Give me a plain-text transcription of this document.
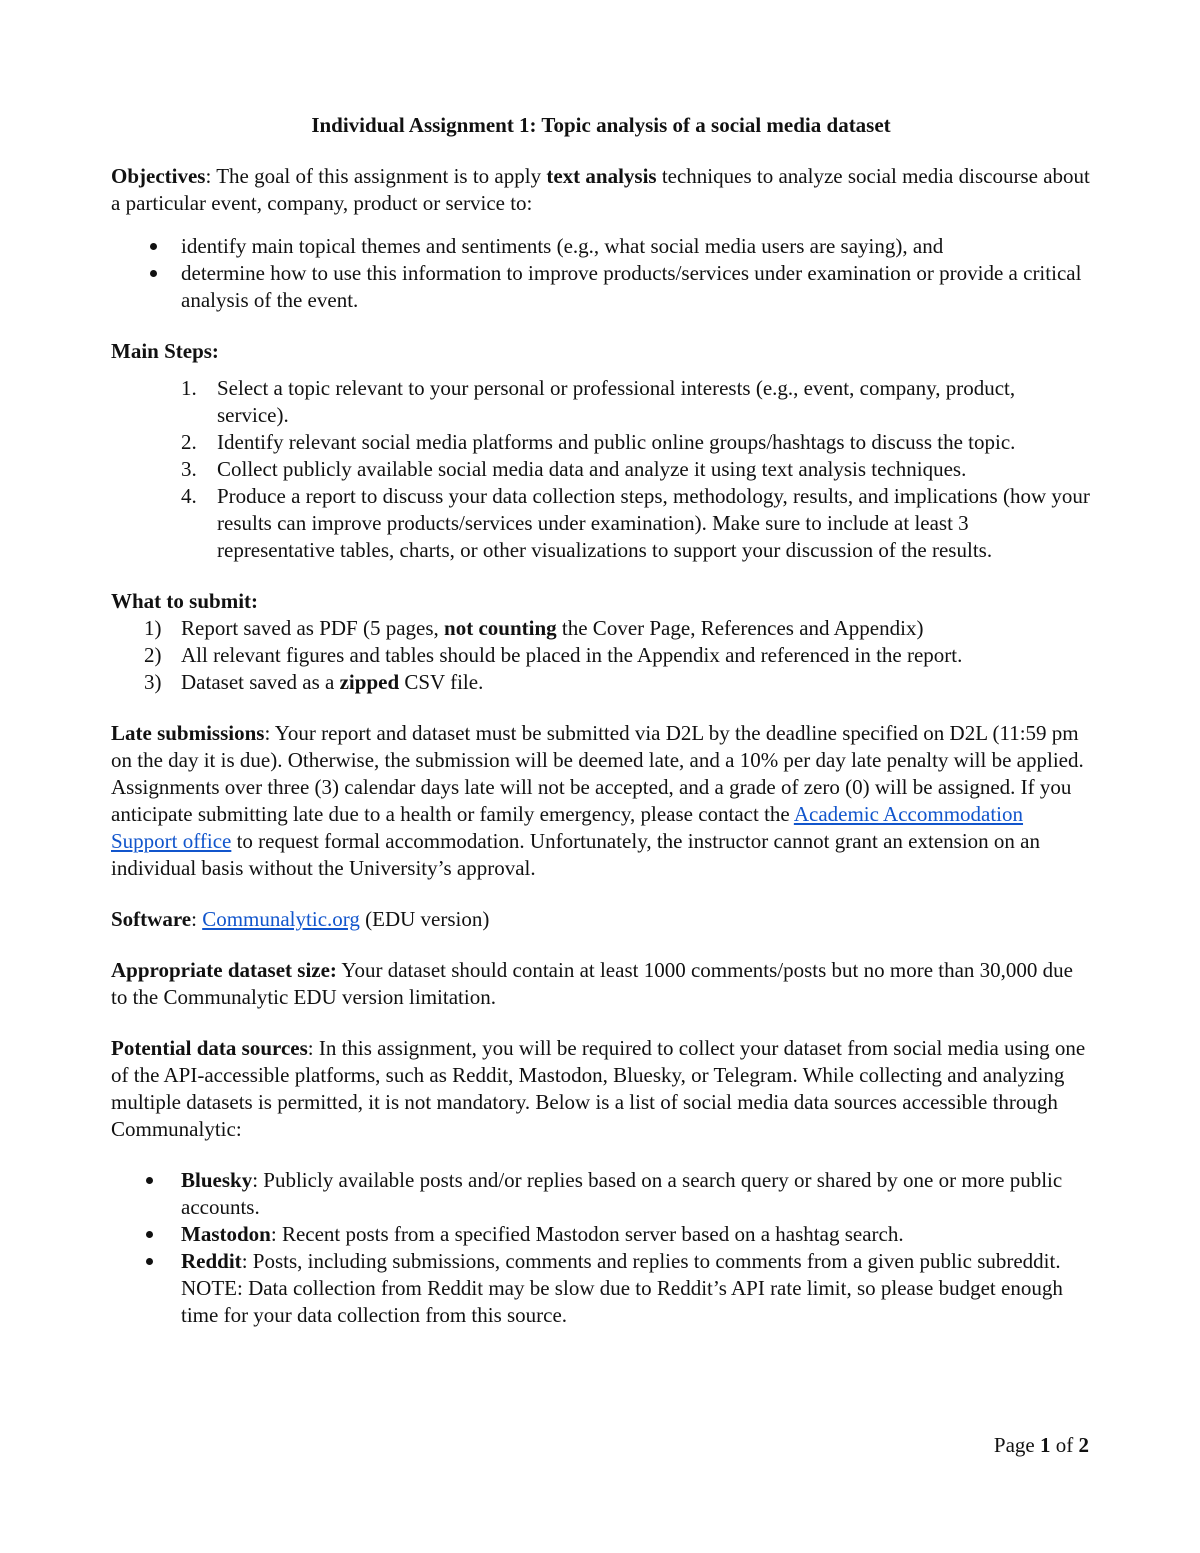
Individual Assignment 1: Topic analysis of a social media dataset

Objectives: The goal of this assignment is to apply text analysis techniques to analyze social media discourse about a particular event, company, product or service to:

identify main topical themes and sentiments (e.g., what social media users are saying), and
determine how to use this information to improve products/services under examination or provide a critical analysis of the event.

Main Steps:

1. Select a topic relevant to your personal or professional interests (e.g., event, company, product, service).
2. Identify relevant social media platforms and public online groups/hashtags to discuss the topic.
3. Collect publicly available social media data and analyze it using text analysis techniques.
4. Produce a report to discuss your data collection steps, methodology, results, and implications (how your results can improve products/services under examination). Make sure to include at least 3 representative tables, charts, or other visualizations to support your discussion of the results.

What to submit:

1) Report saved as PDF (5 pages, not counting the Cover Page, References and Appendix)
2) All relevant figures and tables should be placed in the Appendix and referenced in the report.
3) Dataset saved as a zipped CSV file.

Late submissions: Your report and dataset must be submitted via D2L by the deadline specified on D2L (11:59 pm on the day it is due). Otherwise, the submission will be deemed late, and a 10% per day late penalty will be applied. Assignments over three (3) calendar days late will not be accepted, and a grade of zero (0) will be assigned. If you anticipate submitting late due to a health or family emergency, please contact the Academic Accommodation Support office to request formal accommodation. Unfortunately, the instructor cannot grant an extension on an individual basis without the University’s approval.

Software: Communalytic.org (EDU version)

Appropriate dataset size: Your dataset should contain at least 1000 comments/posts but no more than 30,000 due to the Communalytic EDU version limitation.

Potential data sources: In this assignment, you will be required to collect your dataset from social media using one of the API-accessible platforms, such as Reddit, Mastodon, Bluesky, or Telegram. While collecting and analyzing multiple datasets is permitted, it is not mandatory. Below is a list of social media data sources accessible through Communalytic:

Bluesky: Publicly available posts and/or replies based on a search query or shared by one or more public accounts.
Mastodon: Recent posts from a specified Mastodon server based on a hashtag search.
Reddit: Posts, including submissions, comments and replies to comments from a given public subreddit. NOTE: Data collection from Reddit may be slow due to Reddit’s API rate limit, so please budget enough time for your data collection from this source.
Page 1 of 2
